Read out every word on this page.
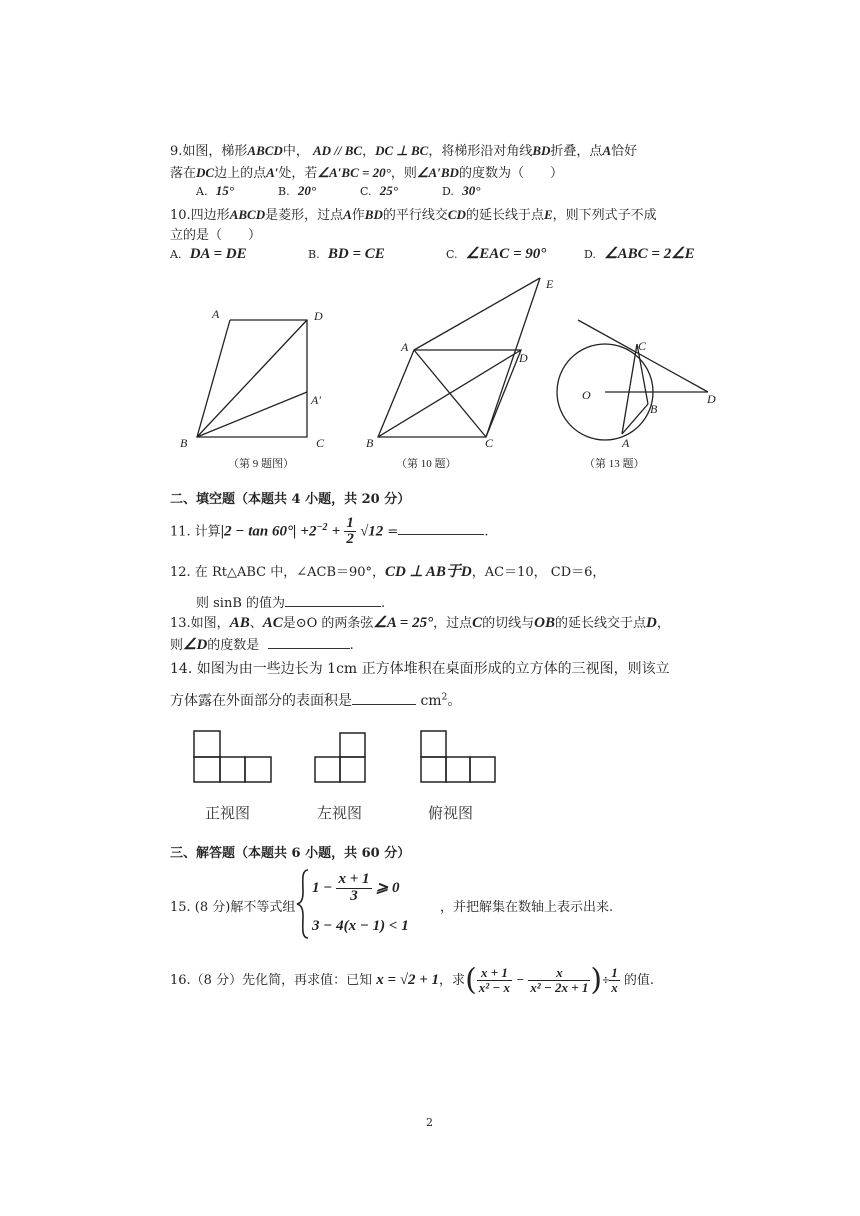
9.如图，梯形ABCD中， AD // BC，DC ⊥ BC，将梯形沿对角线BD折叠，点A恰好
落在DC边上的点A′处，若∠A′BC = 20°，则∠A′BD的度数为（　　）
A. 15°	B. 20°	C. 25°	D. 30°
10.四边形ABCD是菱形，过点A作BD的平行线交CD的延长线于点E，则下列式子不成
立的是（　　）
A. DA = DE	B. BD = CE	C. ∠EAC = 90°	D. ∠ABC = 2∠E
A	D
A′
B	C
E
A
D
B	C
C
O	D
B
A
（第 9 题图）	（第 10 题）	（第 13 题）
二、填空题（本题共 4 小题，共 20 分）
11. 计算$|2 - \tan 60^\circ| +2^{-2} + \frac{1}{2} √12$ =	.
12. 在 Rt△ABC 中，∠ACB＝90°，CD ⊥ AB于D，AC＝10， CD＝6，
则 sinB 的值为	.
13.如图，AB、AC是⊙O 的两条弦∠A = 25°，过点C的切线与OB的延长线交于点D，
则∠D的度数是	.
14. 如图为由一些边长为 1cm 正方体堆积在桌面形成的立方体的三视图，则该立
方体露在外面部分的表面积是	$cm^2$。
正视图	左视图	俯视图
三、解答题（本题共 6 小题，共 60 分）
15. (8 分)解不等式组
$1 - \frac{x + 1}{3}$ ⩾ 0
3 − 4(x − 1) < 1
，并把解集在数轴上表示出来.
16.（8 分）先化简，再求值：已知 x = √2 + 1，求( $\frac{x + 1}{\text{x² − x}} - \frac{x}{\text{x² − 2x + 1}}$ )÷ $\frac{1}{x}$ 的值.
2
